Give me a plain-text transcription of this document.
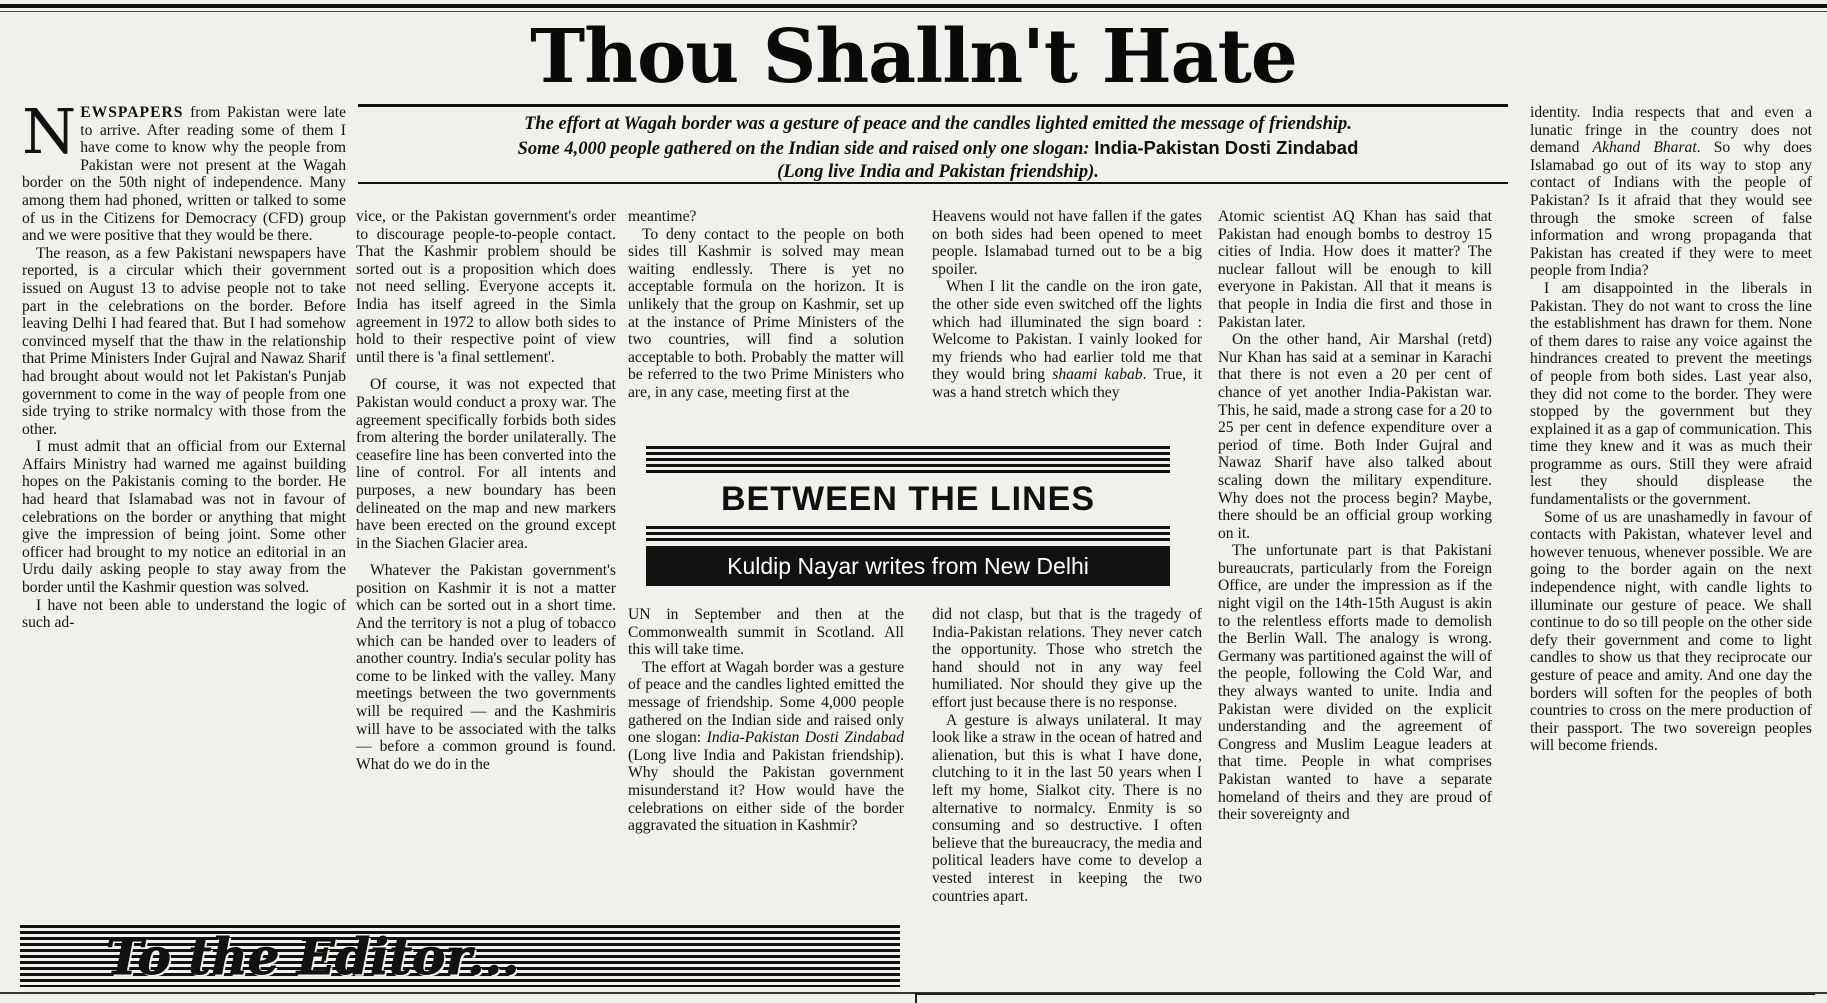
Thou Shalln't Hate
The effort at Wagah border was a gesture of peace and the candles lighted emitted the message of friendship.
Some 4,000 people gathered on the Indian side and raised only one slogan: India-Pakistan Dosti Zindabad
(Long live India and Pakistan friendship).

NEWSPAPERS from Pakistan were late to arrive. After reading some of them I have come to know why the people from Pakistan were not present at the Wagah border on the 50th night of independence. Many among them had phoned, written or talked to some of us in the Citizens for Democracy (CFD) group and we were positive that they would be there.

The reason, as a few Pakistani newspapers have reported, is a circular which their government issued on August 13 to advise people not to take part in the celebrations on the border. Before leaving Delhi I had feared that. But I had somehow convinced myself that the thaw in the relationship that Prime Ministers Inder Gujral and Nawaz Sharif had brought about would not let Pakistan's Punjab government to come in the way of people from one side trying to strike normalcy with those from the other.

I must admit that an official from our External Affairs Ministry had warned me against building hopes on the Pakistanis coming to the border. He had heard that Islamabad was not in favour of celebrations on the border or anything that might give the impression of being joint. Some other officer had brought to my notice an editorial in an Urdu daily asking people to stay away from the border until the Kashmir question was solved.

I have not been able to understand the logic of such ad-

vice, or the Pakistan government's order to discourage people-to-people contact. That the Kashmir problem should be sorted out is a proposition which does not need selling. Everyone accepts it. India has itself agreed in the Simla agreement in 1972 to allow both sides to hold to their respective point of view until there is 'a final settlement'.

Of course, it was not expected that Pakistan would conduct a proxy war. The agreement specifically forbids both sides from altering the border unilaterally. The ceasefire line has been converted into the line of control. For all intents and purposes, a new boundary has been delineated on the map and new markers have been erected on the ground except in the Siachen Glacier area.

Whatever the Pakistan government's position on Kashmir it is not a matter which can be sorted out in a short time. And the territory is not a plug of tobacco which can be handed over to leaders of another country. India's secular polity has come to be linked with the valley. Many meetings between the two governments will be required — and the Kashmiris will have to be associated with the talks — before a common ground is found. What do we do in the

meantime?

To deny contact to the people on both sides till Kashmir is solved may mean waiting endlessly. There is yet no acceptable formula on the horizon. It is unlikely that the group on Kashmir, set up at the instance of Prime Ministers of the two countries, will find a solution acceptable to both. Probably the matter will be referred to the two Prime Ministers who are, in any case, meeting first at the

Heavens would not have fallen if the gates on both sides had been opened to meet people. Islamabad turned out to be a big spoiler.

When I lit the candle on the iron gate, the other side even switched off the lights which had illuminated the sign board : Welcome to Pakistan. I vainly looked for my friends who had earlier told me that they would bring shaami kabab. True, it was a hand stretch which they

BETWEEN THE LINES
Kuldip Nayar writes from New Delhi

UN in September and then at the Commonwealth summit in Scotland. All this will take time.

The effort at Wagah border was a gesture of peace and the candles lighted emitted the message of friendship. Some 4,000 people gathered on the Indian side and raised only one slogan: India-Pakistan Dosti Zindabad (Long live India and Pakistan friendship). Why should the Pakistan government misunderstand it? How would have the celebrations on either side of the border aggravated the situation in Kashmir?

did not clasp, but that is the tragedy of India-Pakistan relations. They never catch the opportunity. Those who stretch the hand should not in any way feel humiliated. Nor should they give up the effort just because there is no response.

A gesture is always unilateral. It may look like a straw in the ocean of hatred and alienation, but this is what I have done, clutching to it in the last 50 years when I left my home, Sialkot city. There is no alternative to normalcy. Enmity is so consuming and so destructive. I often believe that the bureaucracy, the media and political leaders have come to develop a vested interest in keeping the two countries apart.

Atomic scientist AQ Khan has said that Pakistan had enough bombs to destroy 15 cities of India. How does it matter? The nuclear fallout will be enough to kill everyone in Pakistan. All that it means is that people in India die first and those in Pakistan later.

On the other hand, Air Marshal (retd) Nur Khan has said at a seminar in Karachi that there is not even a 20 per cent of chance of yet another India-Pakistan war. This, he said, made a strong case for a 20 to 25 per cent in defence expenditure over a period of time. Both Inder Gujral and Nawaz Sharif have also talked about scaling down the military expenditure. Why does not the process begin? Maybe, there should be an official group working on it.

The unfortunate part is that Pakistani bureaucrats, particularly from the Foreign Office, are under the impression as if the night vigil on the 14th-15th August is akin to the relentless efforts made to demolish the Berlin Wall. The analogy is wrong. Germany was partitioned against the will of the people, following the Cold War, and they always wanted to unite. India and Pakistan were divided on the explicit understanding and the agreement of Congress and Muslim League leaders at that time. People in what comprises Pakistan wanted to have a separate homeland of theirs and they are proud of their sovereignty and

identity. India respects that and even a lunatic fringe in the country does not demand Akhand Bharat. So why does Islamabad go out of its way to stop any contact of Indians with the people of Pakistan? Is it afraid that they would see through the smoke screen of false information and wrong propaganda that Pakistan has created if they were to meet people from India?

I am disappointed in the liberals in Pakistan. They do not want to cross the line the establishment has drawn for them. None of them dares to raise any voice against the hindrances created to prevent the meetings of people from both sides. Last year also, they did not come to the border. They were stopped by the government but they explained it as a gap of communication. This time they knew and it was as much their programme as ours. Still they were afraid lest they should displease the fundamentalists or the government.

Some of us are unashamedly in favour of contacts with Pakistan, whatever level and however tenuous, whenever possible. We are going to the border again on the next independence night, with candle lights to illuminate our gesture of peace. We shall continue to do so till people on the other side defy their government and come to light candles to show us that they reciprocate our gesture of peace and amity. And one day the borders will soften for the peoples of both countries to cross on the mere production of their passport. The two sovereign peoples will become friends.

To the Editor...
